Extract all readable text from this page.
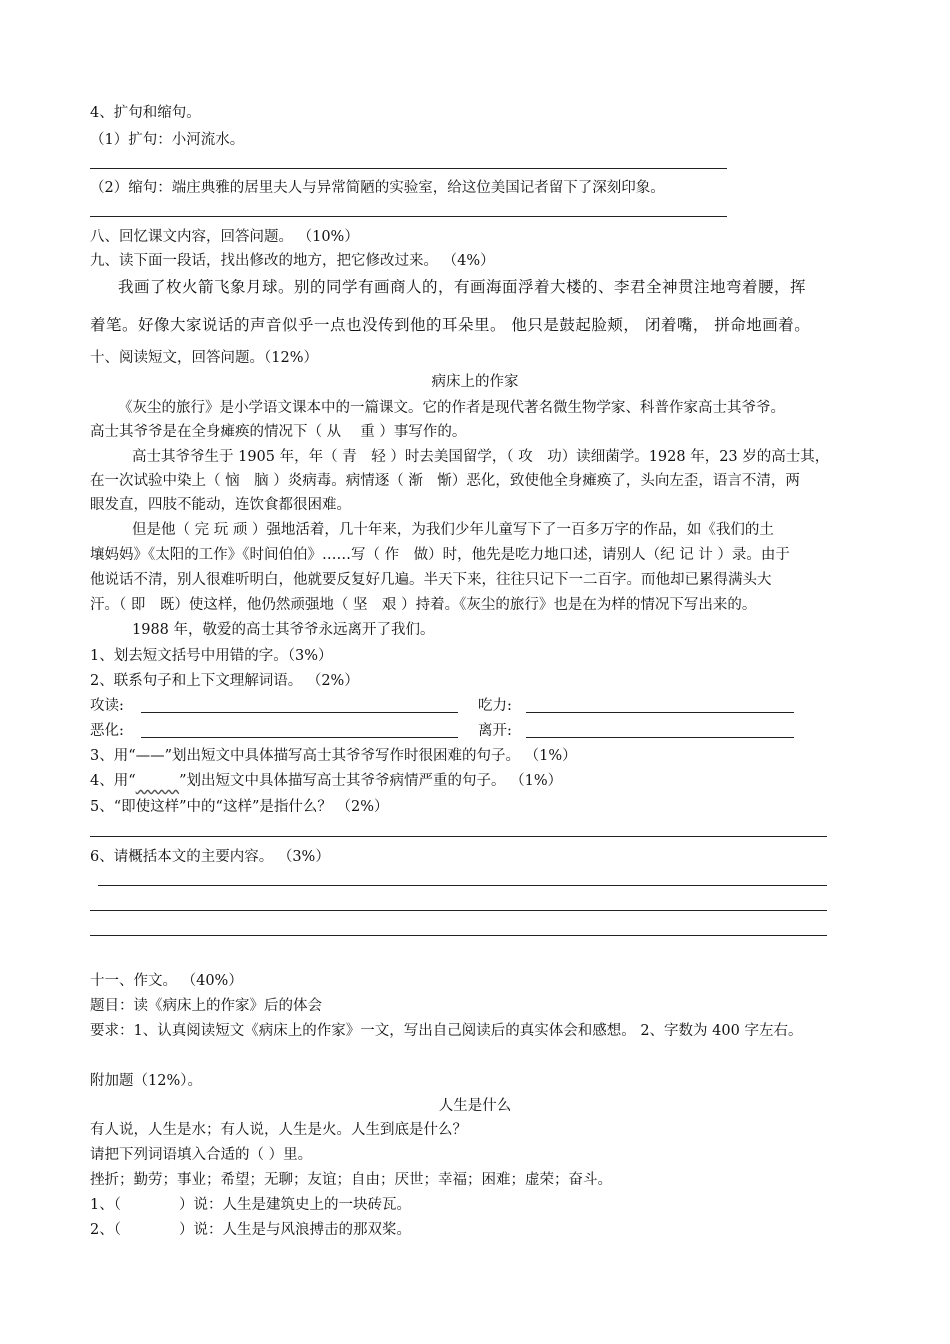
4、扩句和缩句。
（1）扩句：小河流水。
（2）缩句：端庄典雅的居里夫人与异常简陋的实验室，给这位美国记者留下了深刻印象。
八、回忆课文内容，回答问题。 （10%）
九、读下面一段话，找出修改的地方，把它修改过来。 （4%）
我画了枚火箭飞象月球。别的同学有画商人的，有画海面浮着大楼的、李君全神贯注地弯着腰，挥
着笔。好像大家说话的声音似乎一点也没传到他的耳朵里。 他只是鼓起脸颊， 闭着嘴， 拼命地画着。
十、阅读短文，回答问题。（12%）
病床上的作家
《灰尘的旅行》是小学语文课本中的一篇课文。它的作者是现代著名微生物学家、科普作家高士其爷爷。
高士其爷爷是在全身瘫痪的情况下（ 从　 重 ）事写作的。
高士其爷爷生于 1905 年，年（ 青　轻 ）时去美国留学，（ 攻　功）读细菌学。1928 年，23 岁的高士其，
在一次试验中染上（ 恼　脑 ）炎病毒。病情逐（ 渐　惭）恶化，致使他全身瘫痪了，头向左歪，语言不清，两
眼发直，四肢不能动，连饮食都很困难。
但是他（ 完 玩 顽 ）强地活着，几十年来，为我们少年儿童写下了一百多万字的作品，如《我们的土
壤妈妈》《太阳的工作》《时间伯伯》……写（ 作　做）时，他先是吃力地口述，请别人（纪 记 计 ）录。由于
他说话不清，别人很难听明白，他就要反复好几遍。半天下来，往往只记下一二百字。而他却已累得满头大
汗。（ 即　既）使这样，他仍然顽强地（ 坚　艰 ）持着。《灰尘的旅行》也是在为样的情况下写出来的。
1988 年，敬爱的高士其爷爷永远离开了我们。
1、划去短文括号中用错的字。（3%）
2、联系句子和上下文理解词语。 （2%）
攻读:	吃力:
恶化:	离开:
3、用“——”划出短文中具体描写高士其爷爷写作时很困难的句子。 （1%）
4、用“	”划出短文中具体描写高士其爷爷病情严重的句子。 （1%）
5、“即使这样”中的“这样”是指什么？ （2%）
6、请概括本文的主要内容。 （3%）
十一、作文。 （40%）
题目：读《病床上的作家》后的体会
要求：1、认真阅读短文《病床上的作家》一文，写出自己阅读后的真实体会和感想。 2、字数为 400 字左右。
附加题（12%）。
人生是什么
有人说，人生是水；有人说，人生是火。人生到底是什么？
请把下列词语填入合适的（ ）里。
挫折；勤劳；事业；希望；无聊；友谊；自由；厌世；幸福；困难；虚荣；奋斗。
1、（　　　　）说：人生是建筑史上的一块砖瓦。
2、（　　　　）说：人生是与风浪搏击的那双桨。
